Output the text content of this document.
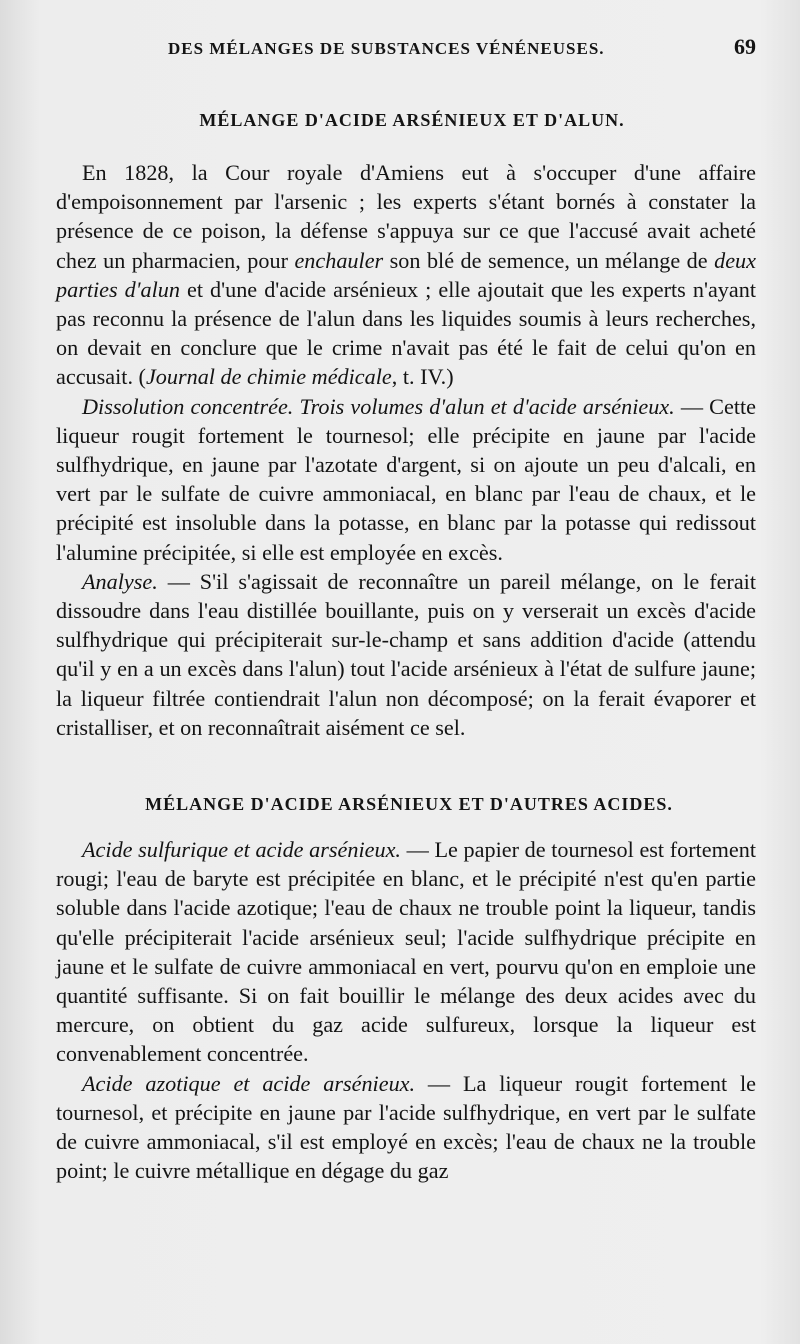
DES MÉLANGES DE SUBSTANCES VÉNÉNEUSES.	69
MÉLANGE D'ACIDE ARSÉNIEUX ET D'ALUN.

En 1828, la Cour royale d'Amiens eut à s'occuper d'une affaire d'empoisonnement par l'arsenic ; les experts s'étant bornés à constater la présence de ce poison, la défense s'appuya sur ce que l'accusé avait acheté chez un pharmacien, pour enchauler son blé de semence, un mélange de deux parties d'alun et d'une d'acide arsénieux ; elle ajoutait que les experts n'ayant pas reconnu la présence de l'alun dans les liquides soumis à leurs recherches, on devait en conclure que le crime n'avait pas été le fait de celui qu'on en accusait. (Journal de chimie médicale, t. IV.)

Dissolution concentrée. Trois volumes d'alun et d'acide arsénieux. — Cette liqueur rougit fortement le tournesol; elle précipite en jaune par l'acide sulfhydrique, en jaune par l'azotate d'argent, si on ajoute un peu d'alcali, en vert par le sulfate de cuivre ammoniacal, en blanc par l'eau de chaux, et le précipité est insoluble dans la potasse, en blanc par la potasse qui redissout l'alumine précipitée, si elle est employée en excès.

Analyse. — S'il s'agissait de reconnaître un pareil mélange, on le ferait dissoudre dans l'eau distillée bouillante, puis on y verserait un excès d'acide sulfhydrique qui précipiterait sur-le-champ et sans addition d'acide (attendu qu'il y en a un excès dans l'alun) tout l'acide arsénieux à l'état de sulfure jaune; la liqueur filtrée contiendrait l'alun non décomposé; on la ferait évaporer et cristalliser, et on reconnaîtrait aisément ce sel.

MÉLANGE D'ACIDE ARSÉNIEUX ET D'AUTRES ACIDES.

Acide sulfurique et acide arsénieux. — Le papier de tournesol est fortement rougi; l'eau de baryte est précipitée en blanc, et le précipité n'est qu'en partie soluble dans l'acide azotique; l'eau de chaux ne trouble point la liqueur, tandis qu'elle précipiterait l'acide arsénieux seul; l'acide sulfhydrique précipite en jaune et le sulfate de cuivre ammoniacal en vert, pourvu qu'on en emploie une quantité suffisante. Si on fait bouillir le mélange des deux acides avec du mercure, on obtient du gaz acide sulfureux, lorsque la liqueur est convenablement concentrée.

Acide azotique et acide arsénieux. — La liqueur rougit fortement le tournesol, et précipite en jaune par l'acide sulfhydrique, en vert par le sulfate de cuivre ammoniacal, s'il est employé en excès; l'eau de chaux ne la trouble point; le cuivre métallique en dégage du gaz
